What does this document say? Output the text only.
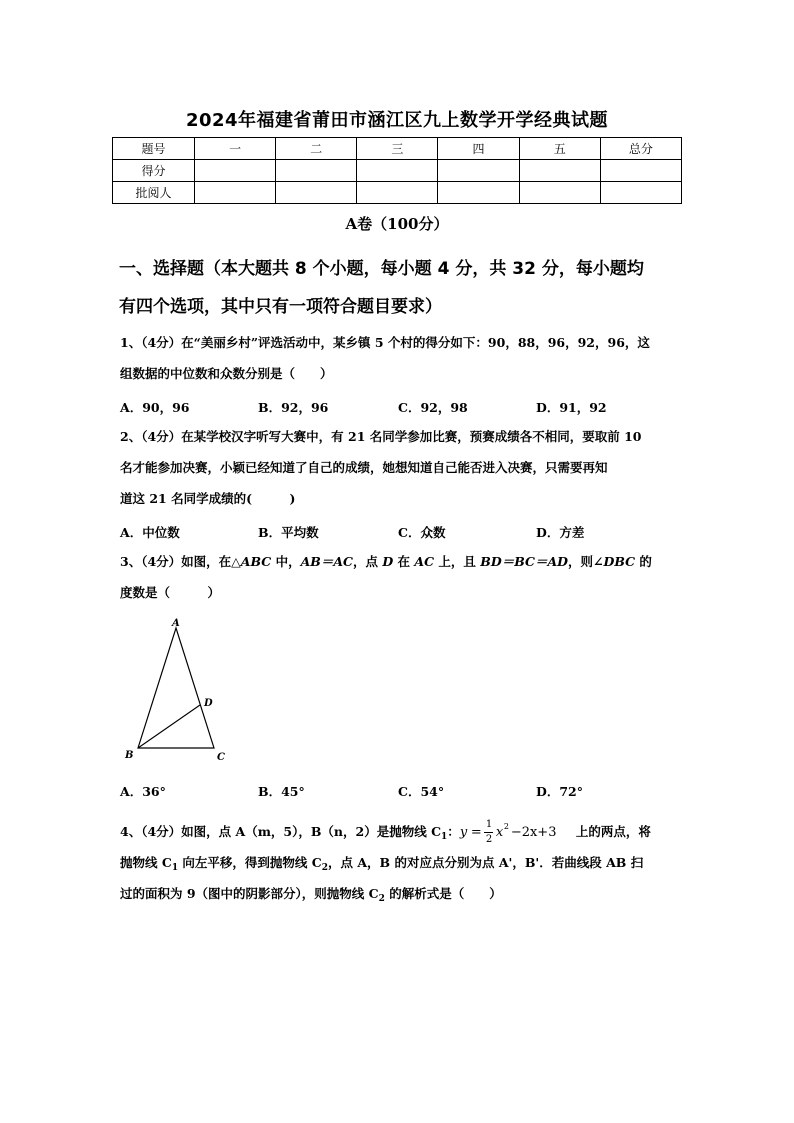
2024年福建省莆田市涵江区九上数学开学经典试题
题号	一	二	三	四	五	总分
得分						
批阅人						
A卷（100分）
一、选择题（本大题共 8 个小题，每小题 4 分，共 32 分，每小题均
有四个选项，其中只有一项符合题目要求）
1、（4分）在“美丽乡村”评选活动中，某乡镇 5 个村的得分如下：90，88，96，92，96，这
组数据的中位数和众数分别是（　　）
A．90，96	B．92，96	C．92，98	D．91，92
2、（4分）在某学校汉字听写大赛中，有 21 名同学参加比赛，预赛成绩各不相同，要取前 10
名才能参加决赛，小颖已经知道了自己的成绩，她想知道自己能否进入决赛，只需要再知
道这 21 名同学成绩的(　　　)
A．中位数	B．平均数	C．众数	D．方差
3、（4分）如图，在△ABC 中，AB＝AC，点 D 在 AC 上，且 BD＝BC＝AD，则∠DBC 的
度数是（　　　）
A
B	C
D
A．36°	B．45°	C．54°	D．72°
4、（4分）如图，点 A（m，5），B（n，2）是抛物线 $C_1$： y =
1
2 x 2 −2x+3 上的两点，将
抛物线 $C_1$ 向左平移，得到抛物线 $C_2$，点 A，B 的对应点分别为点 A'，B'．若曲线段 AB 扫
过的面积为 9（图中的阴影部分），则抛物线 $C_2$ 的解析式是（　　）
